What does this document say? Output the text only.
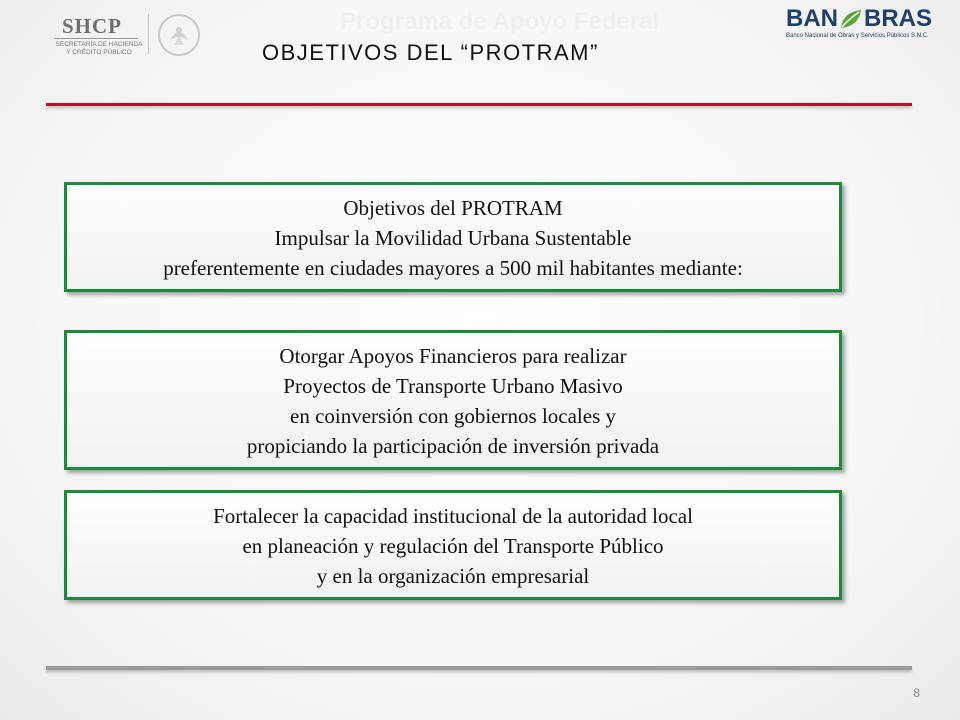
SHCP
SECRETARÍA DE HACIENDA
Y CRÉDITO PÚBLICO
Programa de Apoyo Federal
OBJETIVOS DEL “PROTRAM”
BAN BRAS
Banco Nacional de Obras y Servicios Públicos S.N.C.
Objetivos del PROTRAM
Impulsar la Movilidad Urbana Sustentable
preferentemente en ciudades mayores a 500 mil habitantes mediante:
Otorgar Apoyos Financieros para realizar
Proyectos de Transporte Urbano Masivo
en coinversión con gobiernos locales y
propiciando la participación de inversión privada
Fortalecer la capacidad institucional de la autoridad local
en planeación y regulación del Transporte Público
y en la organización empresarial
8
